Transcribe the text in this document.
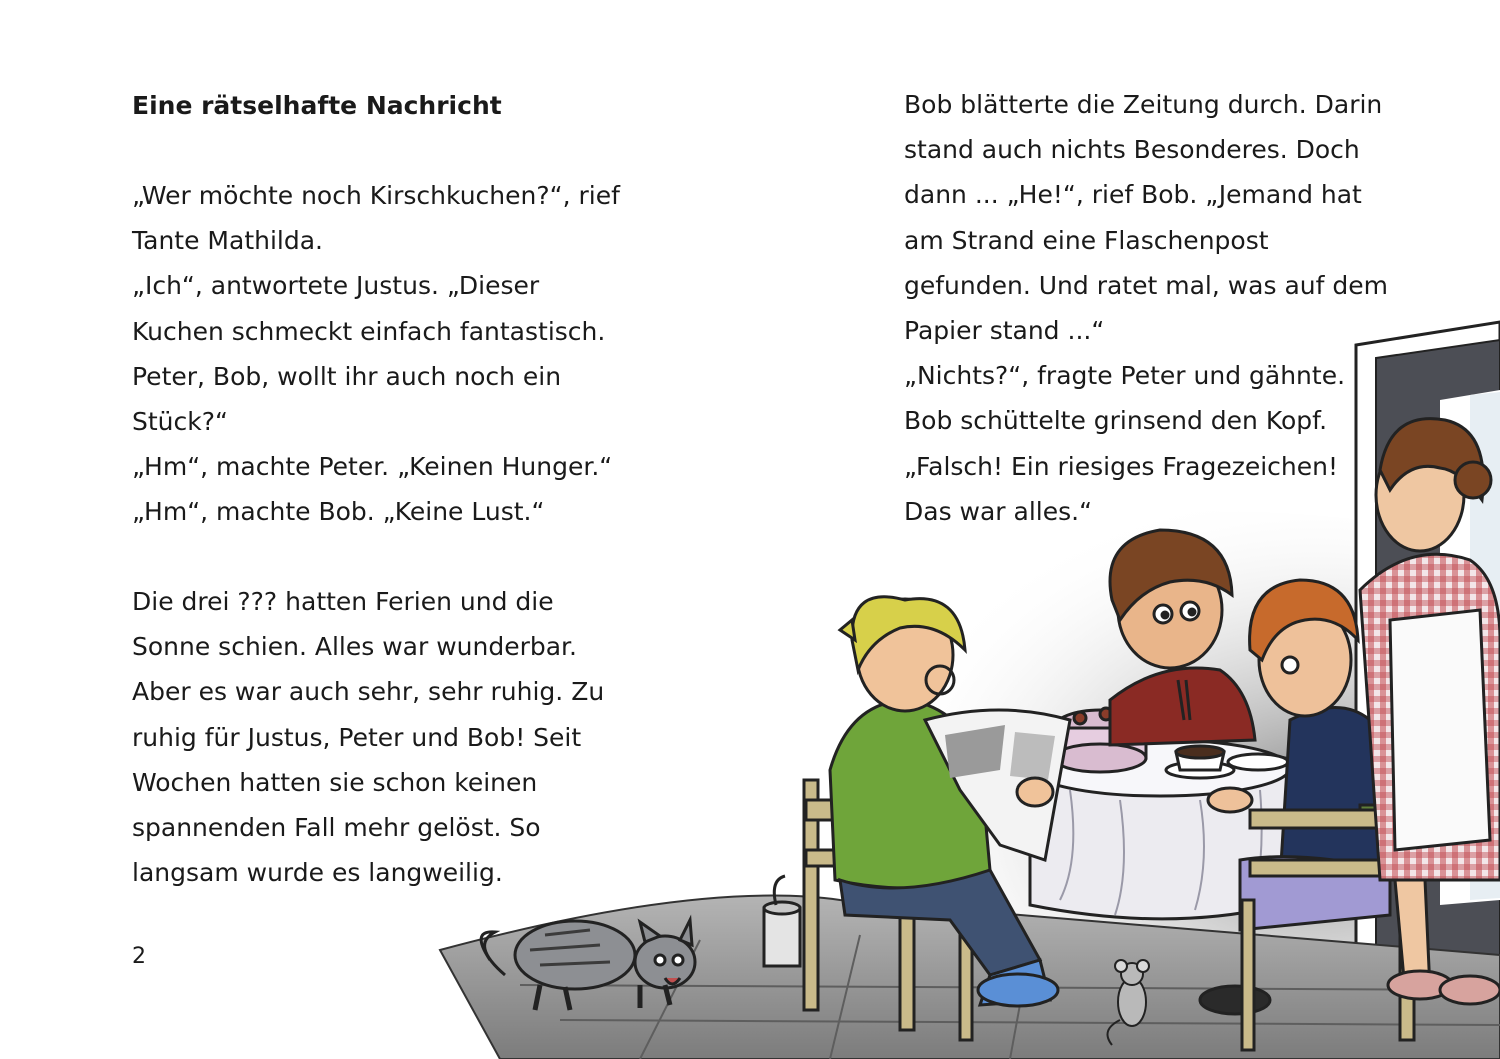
Eine rätselhafte Nachricht
„Wer möchte noch Kirschkuchen?“, rief
Tante Mathilda.
„Ich“, antwortete Justus. „Dieser
Kuchen schmeckt einfach fantastisch.
Peter, Bob, wollt ihr auch noch ein
Stück?“
„Hm“, machte Peter. „Keinen Hunger.“
„Hm“, machte Bob. „Keine Lust.“
Die drei ??? hatten Ferien und die
Sonne schien. Alles war wunderbar.
Aber es war auch sehr, sehr ruhig. Zu
ruhig für Justus, Peter und Bob! Seit
Wochen hatten sie schon keinen
spannenden Fall mehr gelöst. So
langsam wurde es langweilig.
Bob blätterte die Zeitung durch. Darin
stand auch nichts Besonderes. Doch
dann ... „He!“, rief Bob. „Jemand hat
am Strand eine Flaschenpost
gefunden. Und ratet mal, was auf dem
Papier stand ...“
„Nichts?“, fragte Peter und gähnte.
Bob schüttelte grinsend den Kopf.
„Falsch! Ein riesiges Fragezeichen!
Das war alles.“
2
